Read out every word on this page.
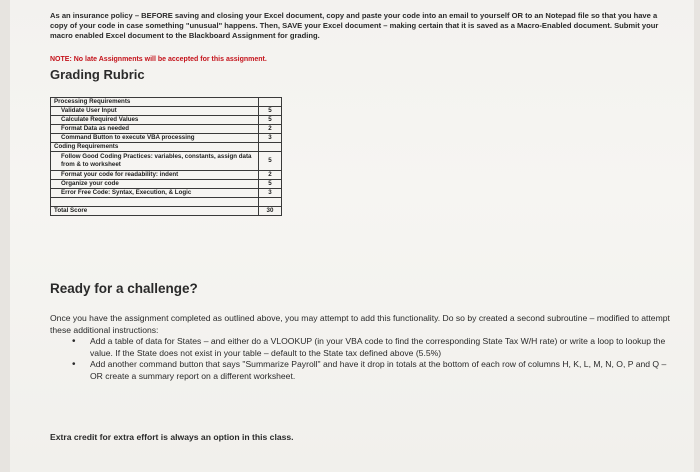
As an insurance policy – BEFORE saving and closing your Excel document, copy and paste your code into an email to yourself OR to an Notepad file so that you have a copy of your code in case something "unusual" happens. Then, SAVE your Excel document – making certain that it is saved as a Macro-Enabled document. Submit your macro enabled Excel document to the Blackboard Assignment for grading.
NOTE: No late Assignments will be accepted for this assignment.
Grading Rubric
Processing Requirements	
Validate User Input	5
Calculate Required Values	5
Format Data as needed	2
Command Button to execute VBA processing	3
Coding Requirements	
Follow Good Coding Practices: variables, constants, assign data from & to worksheet	5
Format your code for readability: indent	2
Organize your code	5
Error Free Code: Syntax, Execution, & Logic	3

Total Score	30
Ready for a challenge?
Once you have the assignment completed as outlined above, you may attempt to add this functionality. Do so by created a second subroutine – modified to attempt these additional instructions:
• Add a table of data for States – and either do a VLOOKUP (in your VBA code to find the corresponding State Tax W/H rate) or write a loop to lookup the value. If the State does not exist in your table – default to the State tax defined above (5.5%)
• Add another command button that says "Summarize Payroll" and have it drop in totals at the bottom of each row of columns H, K, L, M, N, O, P and Q – OR create a summary report on a different worksheet.
Extra credit for extra effort is always an option in this class.
